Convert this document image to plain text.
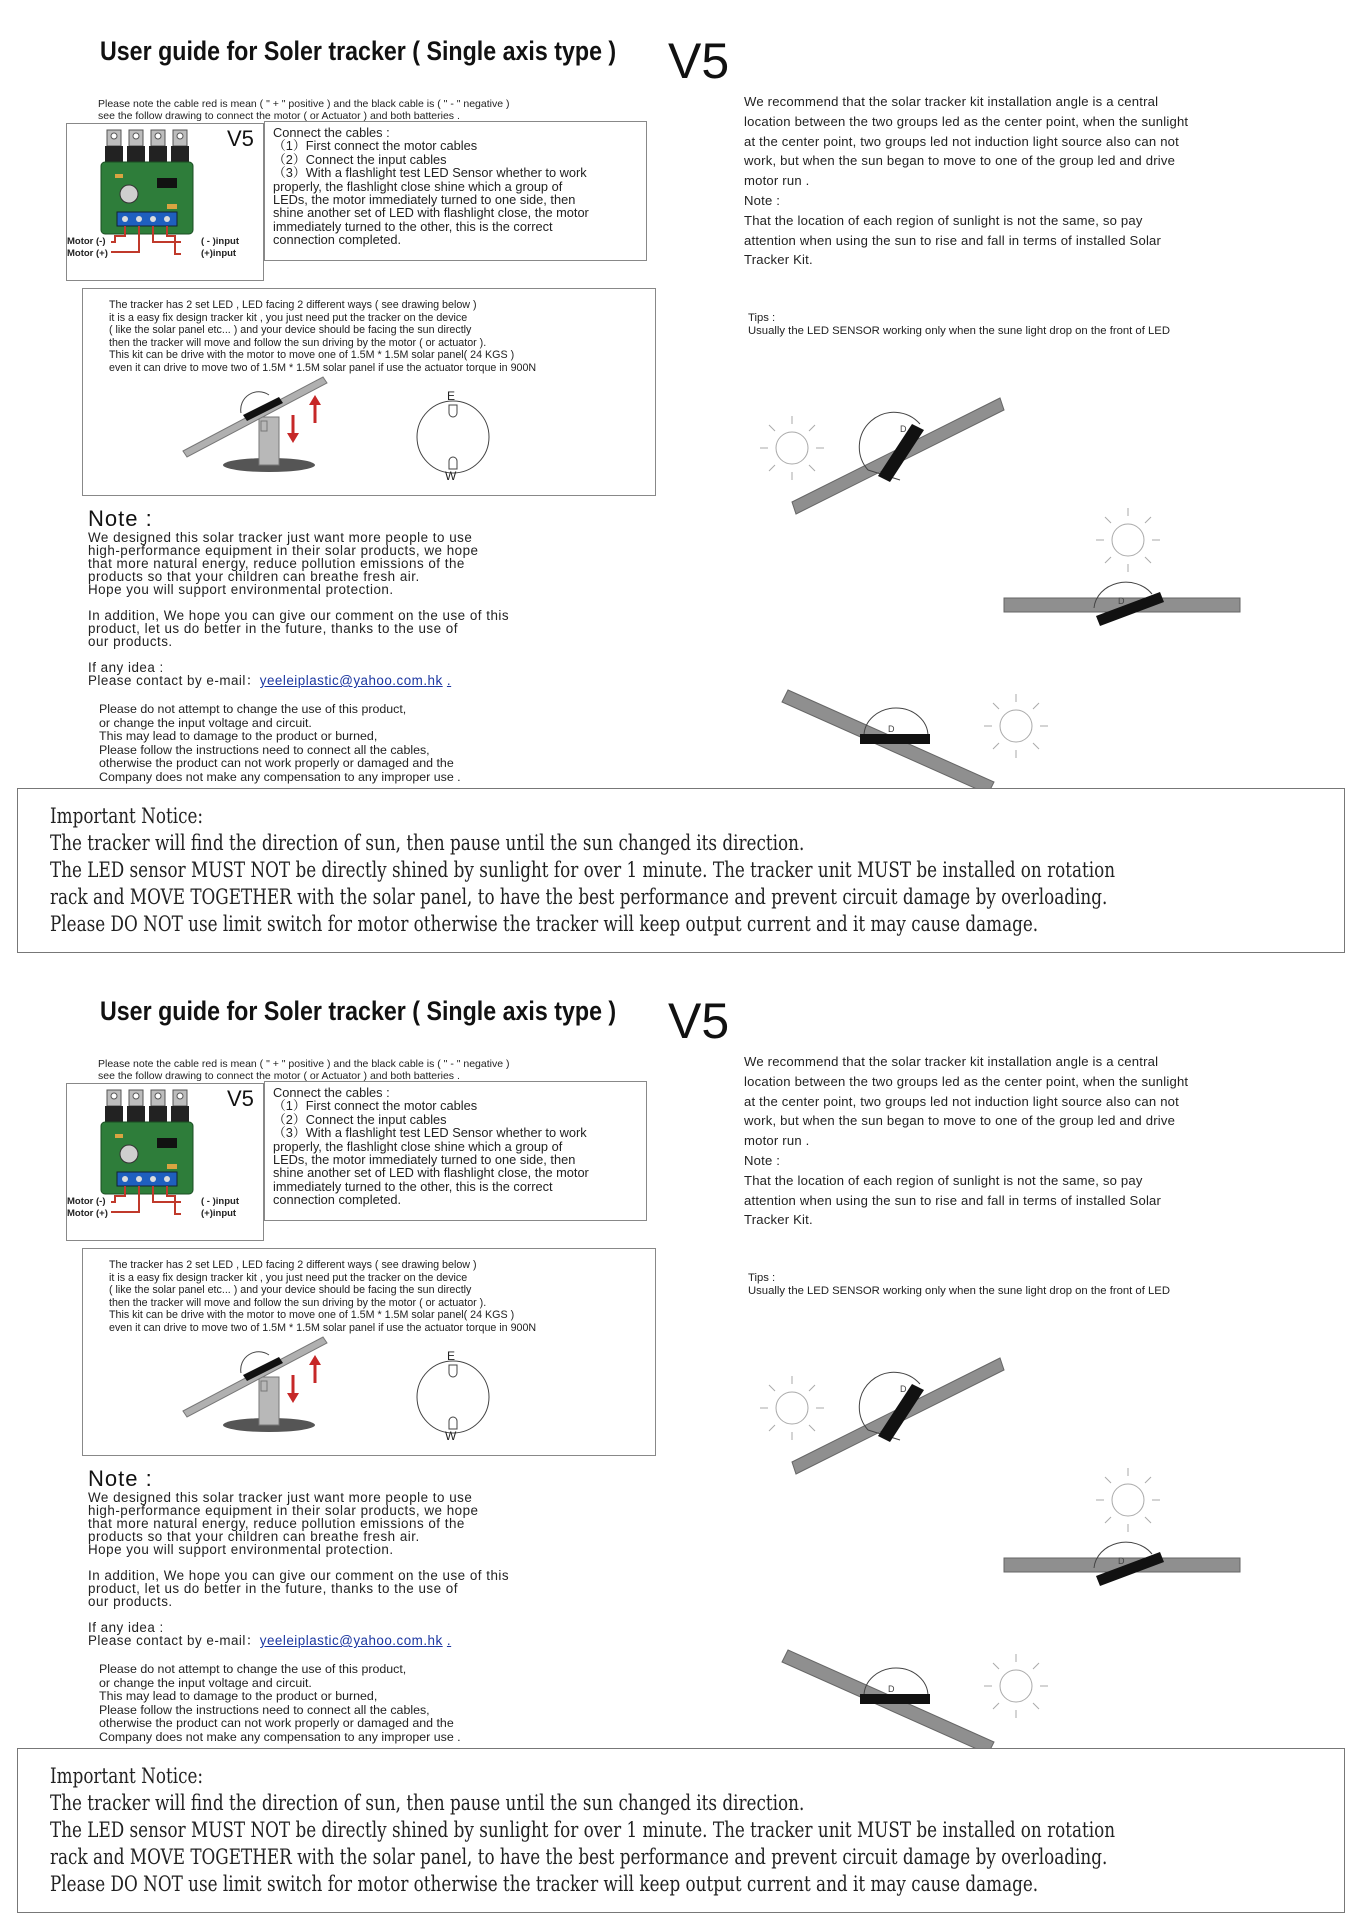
User guide for Soler tracker ( Single axis type ) V5
Please note the cable red is mean ( " + " positive ) and the black cable is ( " - " negative )
see the follow drawing to connect the motor ( or Actuator ) and both batteries .
V5
Motor (-)
Motor (+)
( - )input
(+)input
Connect the cables :
（1）First connect the motor cables
（2）Connect the input cables
（3）With a flashlight test LED Sensor whether to work
properly, the flashlight close shine which a group of
LEDs, the motor immediately turned to one side, then
shine another set of LED with flashlight close, the motor
immediately turned to the other, this is the correct
connection completed.
The tracker has 2 set LED , LED facing 2 different ways ( see drawing below )
it is a easy fix design tracker kit , you just need put the tracker on the device
( like the solar panel etc... ) and your device should be facing the sun directly
then the tracker will move and follow the sun driving by the motor ( or actuator ).
This kit can be drive with the motor to move one of 1.5M * 1.5M solar panel( 24 KGS )
even it can drive to move two of 1.5M * 1.5M solar panel if use the actuator torque in 900N
E
W
Note :
We designed this solar tracker just want more people to use
high-performance equipment in their solar products, we hope
that more natural energy, reduce pollution emissions of the
products so that your children can breathe fresh air.
Hope you will support environmental protection.
In addition, We hope you can give our comment on the use of this
product, let us do better in the future, thanks to the use of
our products.
If any idea :
Please contact by e-mail：yeeleiplastic@yahoo.com.hk .
Please do not attempt to change the use of this product,
or change the input voltage and circuit.
This may lead to damage to the product or burned,
Please follow the instructions need to connect all the cables,
otherwise the product can not work properly or damaged and the
Company does not make any compensation to any improper use .
We recommend that the solar tracker kit installation angle is a central
location between the two groups led as the center point, when the sunlight
at the center point, two groups led not induction light source also can not
work, but when the sun began to move to one of the group led and drive
motor run .
Note :
That the location of each region of sunlight is not the same, so pay
attention when using the sun to rise and fall in terms of installed Solar
Tracker Kit.
Tips :
Usually the LED SENSOR working only when the sune light drop on the front of LED
D
D
D
Important Notice:
The tracker will find the direction of sun, then pause until the sun changed its direction.
The LED sensor MUST NOT be directly shined by sunlight for over 1 minute. The tracker unit MUST be installed on rotation
rack and MOVE TOGETHER with the solar panel, to have the best performance and prevent circuit damage by overloading.
Please DO NOT use limit switch for motor otherwise the tracker will keep output current and it may cause damage.
User guide for Soler tracker ( Single axis type ) V5
Please note the cable red is mean ( " + " positive ) and the black cable is ( " - " negative )
see the follow drawing to connect the motor ( or Actuator ) and both batteries .
V5
Motor (-)
Motor (+)
( - )input
(+)input
Connect the cables :
（1）First connect the motor cables
（2）Connect the input cables
（3）With a flashlight test LED Sensor whether to work
properly, the flashlight close shine which a group of
LEDs, the motor immediately turned to one side, then
shine another set of LED with flashlight close, the motor
immediately turned to the other, this is the correct
connection completed.
The tracker has 2 set LED , LED facing 2 different ways ( see drawing below )
it is a easy fix design tracker kit , you just need put the tracker on the device
( like the solar panel etc... ) and your device should be facing the sun directly
then the tracker will move and follow the sun driving by the motor ( or actuator ).
This kit can be drive with the motor to move one of 1.5M * 1.5M solar panel( 24 KGS )
even it can drive to move two of 1.5M * 1.5M solar panel if use the actuator torque in 900N
E
W
Note :
We designed this solar tracker just want more people to use
high-performance equipment in their solar products, we hope
that more natural energy, reduce pollution emissions of the
products so that your children can breathe fresh air.
Hope you will support environmental protection.
In addition, We hope you can give our comment on the use of this
product, let us do better in the future, thanks to the use of
our products.
If any idea :
Please contact by e-mail：yeeleiplastic@yahoo.com.hk .
Please do not attempt to change the use of this product,
or change the input voltage and circuit.
This may lead to damage to the product or burned,
Please follow the instructions need to connect all the cables,
otherwise the product can not work properly or damaged and the
Company does not make any compensation to any improper use .
We recommend that the solar tracker kit installation angle is a central
location between the two groups led as the center point, when the sunlight
at the center point, two groups led not induction light source also can not
work, but when the sun began to move to one of the group led and drive
motor run .
Note :
That the location of each region of sunlight is not the same, so pay
attention when using the sun to rise and fall in terms of installed Solar
Tracker Kit.
Tips :
Usually the LED SENSOR working only when the sune light drop on the front of LED
D
D
D
Important Notice:
The tracker will find the direction of sun, then pause until the sun changed its direction.
The LED sensor MUST NOT be directly shined by sunlight for over 1 minute. The tracker unit MUST be installed on rotation
rack and MOVE TOGETHER with the solar panel, to have the best performance and prevent circuit damage by overloading.
Please DO NOT use limit switch for motor otherwise the tracker will keep output current and it may cause damage.
